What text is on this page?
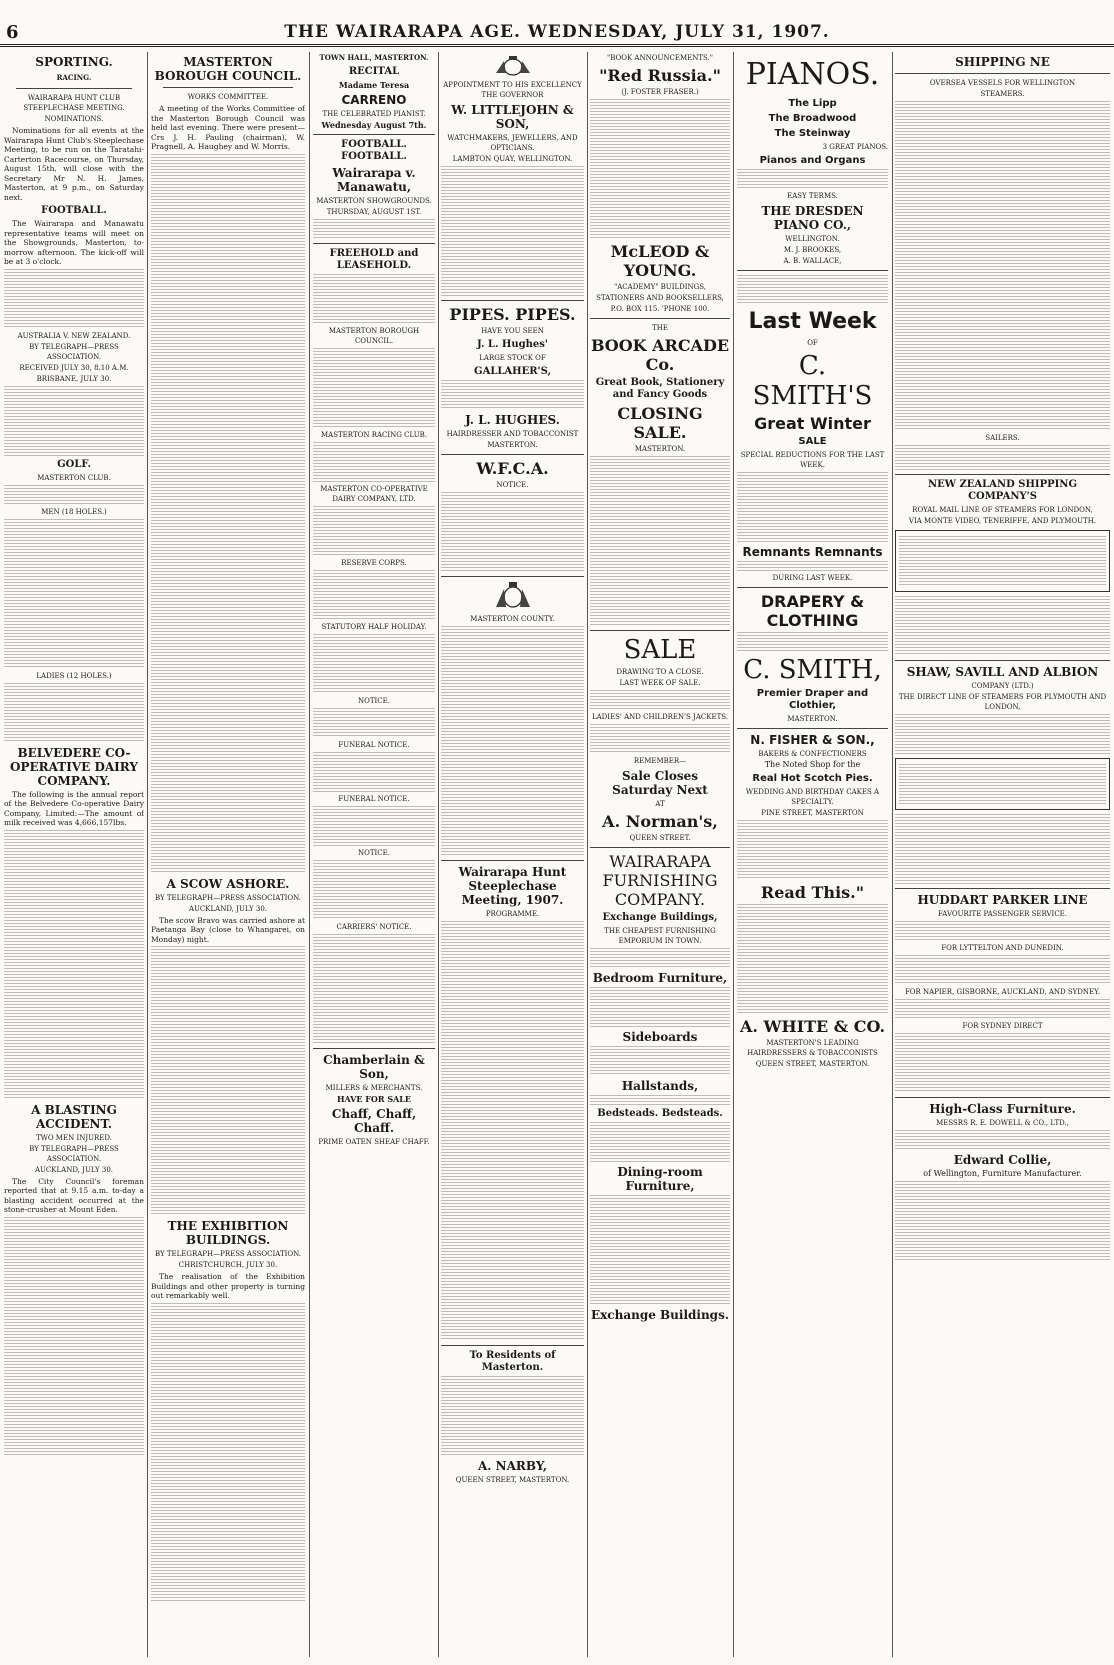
6	THE WAIRARAPA AGE. WEDNESDAY, JULY 31, 1907.
SPORTING.
RACING.
WAIRARAPA HUNT CLUB STEEPLECHASE MEETING.
NOMINATIONS.
Nominations for all events at the Wairarapa Hunt Club's Steeplechase Meeting, to be run on the Taratahi-Carterton Racecourse, on Thursday, August 15th, will close with the Secretary Mr N. H. James, Masterton, at 9 p.m., on Saturday next.
FOOTBALL.
The Wairarapa and Manawatu representative teams will meet on the Showgrounds, Masterton, to-morrow afternoon. The kick-off will be at 3 o'clock.
AUSTRALIA V. NEW ZEALAND.
BY TELEGRAPH—PRESS ASSOCIATION.
RECEIVED JULY 30, 8.10 A.M.
BRISBANE, JULY 30.
GOLF.
MASTERTON CLUB.
MEN (18 HOLES.)
LADIES (12 HOLES.)
BELVEDERE CO-OPERATIVE DAIRY COMPANY.
The following is the annual report of the Belvedere Co-operative Dairy Company, Limited:—The amount of milk received was 4,666,157lbs.
A BLASTING ACCIDENT.
TWO MEN INJURED.
BY TELEGRAPH—PRESS ASSOCIATION.
AUCKLAND, JULY 30.
The City Council's foreman reported that at 9.15 a.m. to-day a blasting accident occurred at the stone-crusher at Mount Eden.
MASTERTON BOROUGH COUNCIL.
WORKS COMMITTEE.
A meeting of the Works Committee of the Masterton Borough Council was held last evening. There were present—Crs J. H. Pauling (chairman), W. Pragnell, A. Haughey and W. Morris.
A SCOW ASHORE.
BY TELEGRAPH—PRESS ASSOCIATION.
AUCKLAND, JULY 30.
The scow Bravo was carried ashore at Paetanga Bay (close to Whangarei, on Monday) night.
THE EXHIBITION BUILDINGS.
BY TELEGRAPH—PRESS ASSOCIATION.
CHRISTCHURCH, JULY 30.
The realisation of the Exhibition Buildings and other property is turning out remarkably well.
TOWN HALL, MASTERTON.
RECITAL
Madame Teresa
CARRENO
THE CELEBRATED PIANIST.
Wednesday August 7th.
FOOTBALL. FOOTBALL.
Wairarapa v. Manawatu,
MASTERTON SHOWGROUNDS.
THURSDAY, AUGUST 1ST.
FREEHOLD and LEASEHOLD.
MASTERTON BOROUGH COUNCIL.
MASTERTON RACING CLUB.
MASTERTON CO-OPERATIVE DAIRY COMPANY, LTD.
RESERVE CORPS.
STATUTORY HALF HOLIDAY.
NOTICE.
FUNERAL NOTICE.
FUNERAL NOTICE.
NOTICE.
CARRIERS' NOTICE.
Chamberlain & Son,
MILLERS & MERCHANTS.
HAVE FOR SALE
Chaff, Chaff, Chaff.
PRIME OATEN SHEAF CHAFF.
APPOINTMENT TO HIS EXCELLENCY THE GOVERNOR
W. LITTLEJOHN & SON,
WATCHMAKERS, JEWELLERS, AND OPTICIANS.
LAMBTON QUAY, WELLINGTON.
PIPES. PIPES.
HAVE YOU SEEN
J. L. Hughes'
LARGE STOCK OF
GALLAHER'S,
J. L. HUGHES.
HAIRDRESSER AND TOBACCONIST
MASTERTON.
W.F.C.A.
NOTICE.
MASTERTON COUNTY.
Wairarapa Hunt Steeplechase Meeting, 1907.
PROGRAMME.
To Residents of Masterton.
A. NARBY,
QUEEN STREET, MASTERTON.
"BOOK ANNOUNCEMENTS."
"Red Russia."
(J. FOSTER FRASER.)
McLEOD & YOUNG.
"ACADEMY" BUILDINGS,
STATIONERS AND BOOKSELLERS,
P.O. BOX 115. 'PHONE 100.
THE
BOOK ARCADE Co.
Great Book, Stationery and Fancy Goods
CLOSING SALE.
MASTERTON.
SALE
DRAWING TO A CLOSE.
LAST WEEK OF SALE.
LADIES' AND CHILDREN'S JACKETS.
REMEMBER—
Sale Closes Saturday Next
AT
A. Norman's,
QUEEN STREET.
WAIRARAPA FURNISHING COMPANY.
Exchange Buildings,
THE CHEAPEST FURNISHING EMPORIUM IN TOWN.
Bedroom Furniture,
Sideboards
Hallstands,
Bedsteads. Bedsteads.
Dining-room Furniture,
Exchange Buildings.
PIANOS.
The Lipp
The Broadwood
The Steinway
3 GREAT PIANOS.
Pianos and Organs
EASY TERMS.
THE DRESDEN PIANO CO.,
WELLINGTON.
M. J. BROOKES,
A. B. WALLACE,
Last Week
OF
C. SMITH'S
Great Winter
SALE
SPECIAL REDUCTIONS FOR THE LAST WEEK.
Remnants Remnants
DURING LAST WEEK.
DRAPERY & CLOTHING
C. SMITH,
Premier Draper and Clothier,
MASTERTON.
N. FISHER & SON.,
BAKERS & CONFECTIONERS
The Noted Shop for the
Real Hot Scotch Pies.
WEDDING AND BIRTHDAY CAKES A SPECIALTY.
PINE STREET, MASTERTON
Read This."
A. WHITE & CO.
MASTERTON'S LEADING HAIRDRESSERS & TOBACCONISTS
QUEEN STREET, MASTERTON.
SHIPPING NE
OVERSEA VESSELS FOR WELLINGTON
STEAMERS.
SAILERS.
NEW ZEALAND SHIPPING COMPANY'S
ROYAL MAIL LINE OF STEAMERS FOR LONDON,
VIA MONTE VIDEO, TENERIFFE, AND PLYMOUTH.
SHAW, SAVILL AND ALBION
COMPANY (LTD.)
THE DIRECT LINE OF STEAMERS FOR PLYMOUTH AND LONDON,
HUDDART PARKER LINE
FAVOURITE PASSENGER SERVICE.
FOR LYTTELTON AND DUNEDIN.
FOR NAPIER, GISBORNE, AUCKLAND, AND SYDNEY.
FOR SYDNEY DIRECT
High-Class Furniture.
MESSRS R. E. DOWELL & CO., LTD.,
Edward Collie,
of Wellington, Furniture Manufacturer.
